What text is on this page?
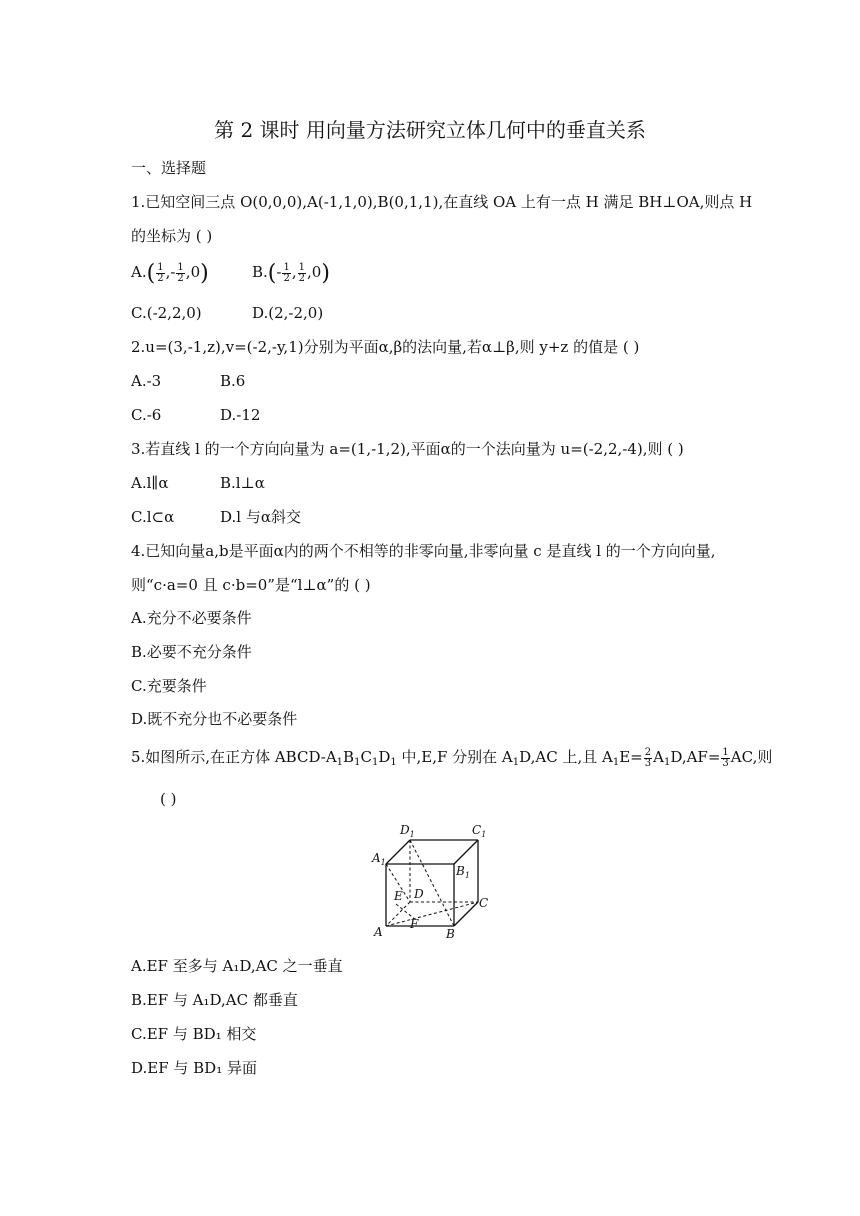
第 2 课时 用向量方法研究立体几何中的垂直关系
一、选择题
1.已知空间三点 O(0,0,0),A(-1,1,0),B(0,1,1),在直线 OA 上有一点 H 满足 BH⊥OA,则点 H
的坐标为 ( )
$A.( \frac{1}{2}$ ,- $\frac{1}{2} ,0$)	$B.(- \frac{1}{2}$ , $\frac{1}{2} ,0$)
C.(-2,2,0)	D.(2,-2,0)
2.u=(3,-1,z),v=(-2,-y,1)分别为平面α,β的法向量,若α⊥β,则 y+z 的值是 ( )
A.-3	B.6
C.-6	D.-12
3.若直线 l 的一个方向向量为 a=(1,-1,2),平面α的一个法向量为 u=(-2,2,-4),则 ( )
A.l∥α	B.l⊥α
C.l⊂α	D.l 与α斜交
4.已知向量a,b是平面α内的两个不相等的非零向量,非零向量 c 是直线 l 的一个方向向量,
则“c·a=0 且 c·b=0”是“l⊥α”的 ( )
A.充分不必要条件
B.必要不充分条件
C.充要条件
D.既不充分也不必要条件
5.如图所示,在正方体 ABCD-$A_1B_1C_1D_1$ 中,E,F 分别在 $A_1D,AC$ 上,且 $A_1E= \frac{2}{3} A_1D,AF= \frac{1}{3}$ AC,则
( )
$D_1$	$C_1$
$A_1$
$B_1$
E D
C
A
F
B
A.EF 至多与 A₁D,AC 之一垂直
B.EF 与 A₁D,AC 都垂直
C.EF 与 BD₁ 相交
D.EF 与 BD₁ 异面
